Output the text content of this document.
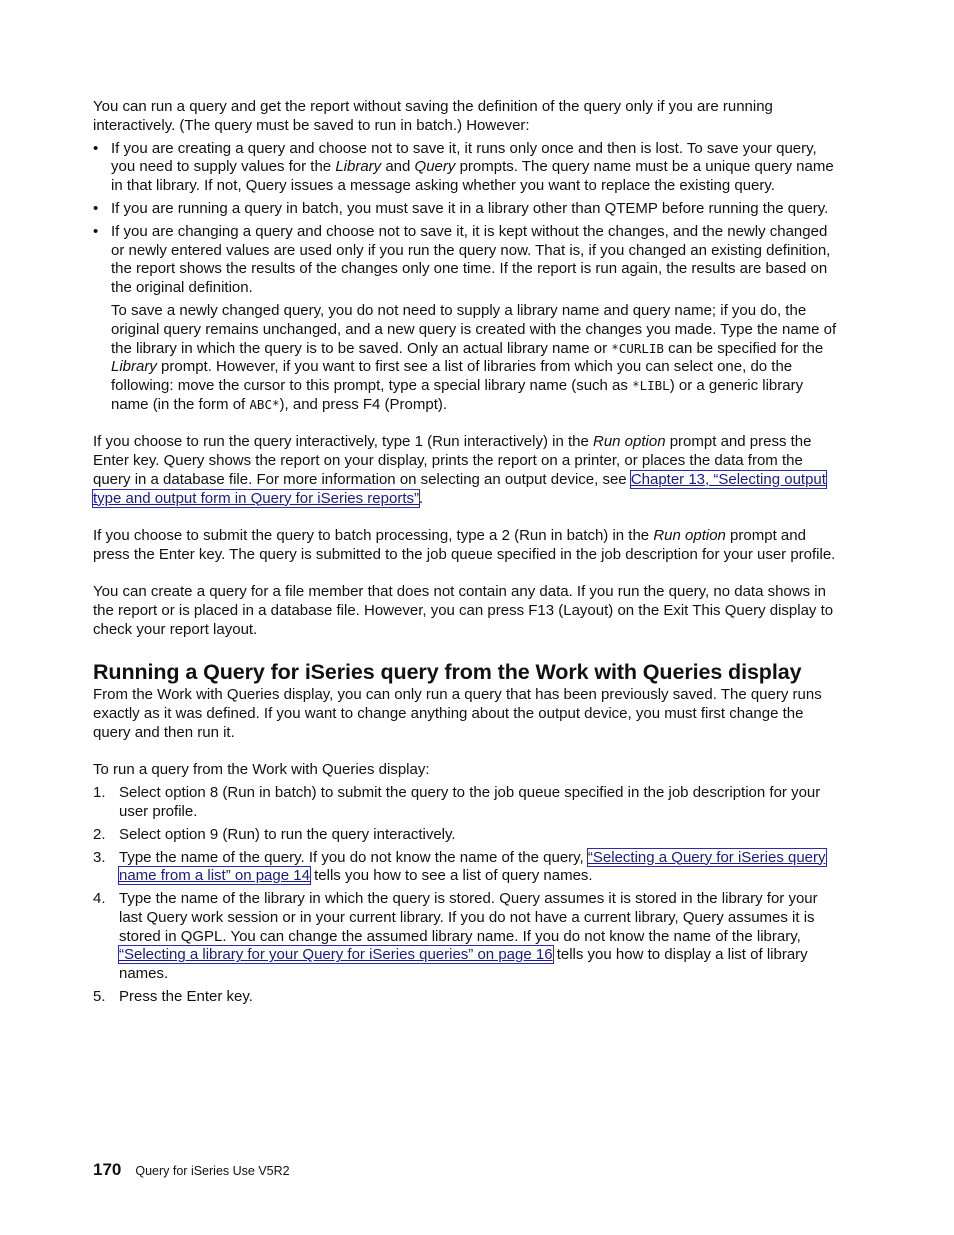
You can run a query and get the report without saving the definition of the query only if you are running interactively. (The query must be saved to run in batch.) However:

• If you are creating a query and choose not to save it, it runs only once and then is lost. To save your query, you need to supply values for the Library and Query prompts. The query name must be a unique query name in that library. If not, Query issues a message asking whether you want to replace the existing query.
• If you are running a query in batch, you must save it in a library other than QTEMP before running the query.
• If you are changing a query and choose not to save it, it is kept without the changes, and the newly changed or newly entered values are used only if you run the query now. That is, if you changed an existing definition, the report shows the results of the changes only one time. If the report is run again, the results are based on the original definition.

To save a newly changed query, you do not need to supply a library name and query name; if you do, the original query remains unchanged, and a new query is created with the changes you made. Type the name of the library in which the query is to be saved. Only an actual library name or *CURLIB can be specified for the Library prompt. However, if you want to first see a list of libraries from which you can select one, do the following: move the cursor to this prompt, type a special library name (such as *LIBL) or a generic library name (in the form of ABC*), and press F4 (Prompt).

If you choose to run the query interactively, type 1 (Run interactively) in the Run option prompt and press the Enter key. Query shows the report on your display, prints the report on a printer, or places the data from the query in a database file. For more information on selecting an output device, see Chapter 13, “Selecting output type and output form in Query for iSeries reports”.

If you choose to submit the query to batch processing, type a 2 (Run in batch) in the Run option prompt and press the Enter key. The query is submitted to the job queue specified in the job description for your user profile.

You can create a query for a file member that does not contain any data. If you run the query, no data shows in the report or is placed in a database file. However, you can press F13 (Layout) on the Exit This Query display to check your report layout.

Running a Query for iSeries query from the Work with Queries display

From the Work with Queries display, you can only run a query that has been previously saved. The query runs exactly as it was defined. If you want to change anything about the output device, you must first change the query and then run it.

To run a query from the Work with Queries display:

1. Select option 8 (Run in batch) to submit the query to the job queue specified in the job description for your user profile.
2. Select option 9 (Run) to run the query interactively.
3. Type the name of the query. If you do not know the name of the query, “Selecting a Query for iSeries query name from a list” on page 14 tells you how to see a list of query names.
4. Type the name of the library in which the query is stored. Query assumes it is stored in the library for your last Query work session or in your current library. If you do not have a current library, Query assumes it is stored in QGPL. You can change the assumed library name. If you do not know the name of the library, “Selecting a library for your Query for iSeries queries” on page 16 tells you how to display a list of library names.
5. Press the Enter key.
170 Query for iSeries Use V5R2
